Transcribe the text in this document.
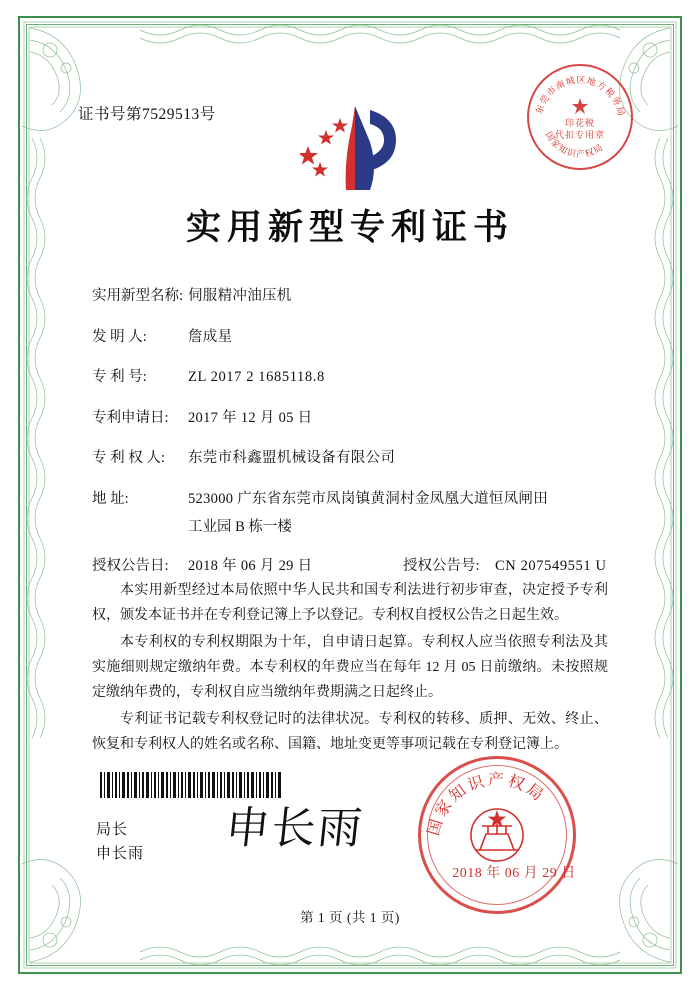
证书号第7529513号	东莞市南城区地方税务局
国家知识产权局
印花税
代扣专用章
实用新型专利证书
实用新型名称: 伺服精冲油压机
发 明 人:	詹成星
专 利 号:	ZL 2017 2 1685118.8
专利申请日:	2017 年 12 月 05 日
专 利 权 人:	东莞市科鑫盟机械设备有限公司
地 址:	523000 广东省东莞市凤岗镇黄洞村金凤凰大道恒凤闸田
工业园 B 栋一楼
授权公告日:	2018 年 06 月 29 日	授权公告号:	CN 207549551 U

本实用新型经过本局依照中华人民共和国专利法进行初步审查，决定授予专利权，颁发本证书并在专利登记簿上予以登记。专利权自授权公告之日起生效。

本专利权的专利权期限为十年，自申请日起算。专利权人应当依照专利法及其实施细则规定缴纳年费。本专利权的年费应当在每年 12 月 05 日前缴纳。未按照规定缴纳年费的，专利权自应当缴纳年费期满之日起终止。

专利证书记载专利权登记时的法律状况。专利权的转移、质押、无效、终止、恢复和专利权人的姓名或名称、国籍、地址变更等事项记载在专利登记簿上。

局长
申长雨
申长雨	国家知识产权局
2018 年 06 月 29 日
第 1 页 (共 1 页)
